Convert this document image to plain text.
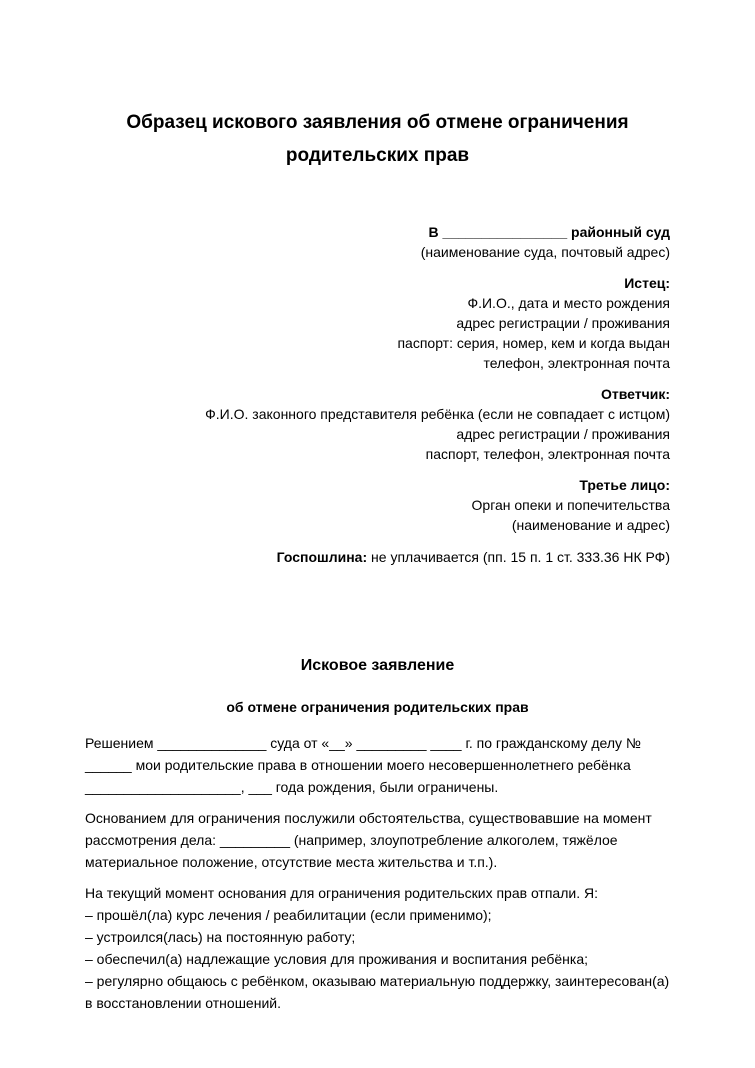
Образец искового заявления об отмене ограничения родительских прав
В ________________ районный суд
(наименование суда, почтовый адрес)
Истец:
Ф.И.О., дата и место рождения
адрес регистрации / проживания
паспорт: серия, номер, кем и когда выдан
телефон, электронная почта
Ответчик:
Ф.И.О. законного представителя ребёнка (если не совпадает с истцом)
адрес регистрации / проживания
паспорт, телефон, электронная почта
Третье лицо:
Орган опеки и попечительства
(наименование и адрес)
Госпошлина: не уплачивается (пп. 15 п. 1 ст. 333.36 НК РФ)
Исковое заявление
об отмене ограничения родительских прав

Решением ______________ суда от «__» _________ ____ г. по гражданскому делу № ______ мои родительские права в отношении моего несовершеннолетнего ребёнка ____________________, ___ года рождения, были ограничены.

Основанием для ограничения послужили обстоятельства, существовавшие на момент рассмотрения дела: _________ (например, злоупотребление алкоголем, тяжёлое материальное положение, отсутствие места жительства и т.п.).

На текущий момент основания для ограничения родительских прав отпали. Я:
– прошёл(ла) курс лечения / реабилитации (если применимо);
– устроился(лась) на постоянную работу;
– обеспечил(а) надлежащие условия для проживания и воспитания ребёнка;
– регулярно общаюсь с ребёнком, оказываю материальную поддержку, заинтересован(а) в восстановлении отношений.
